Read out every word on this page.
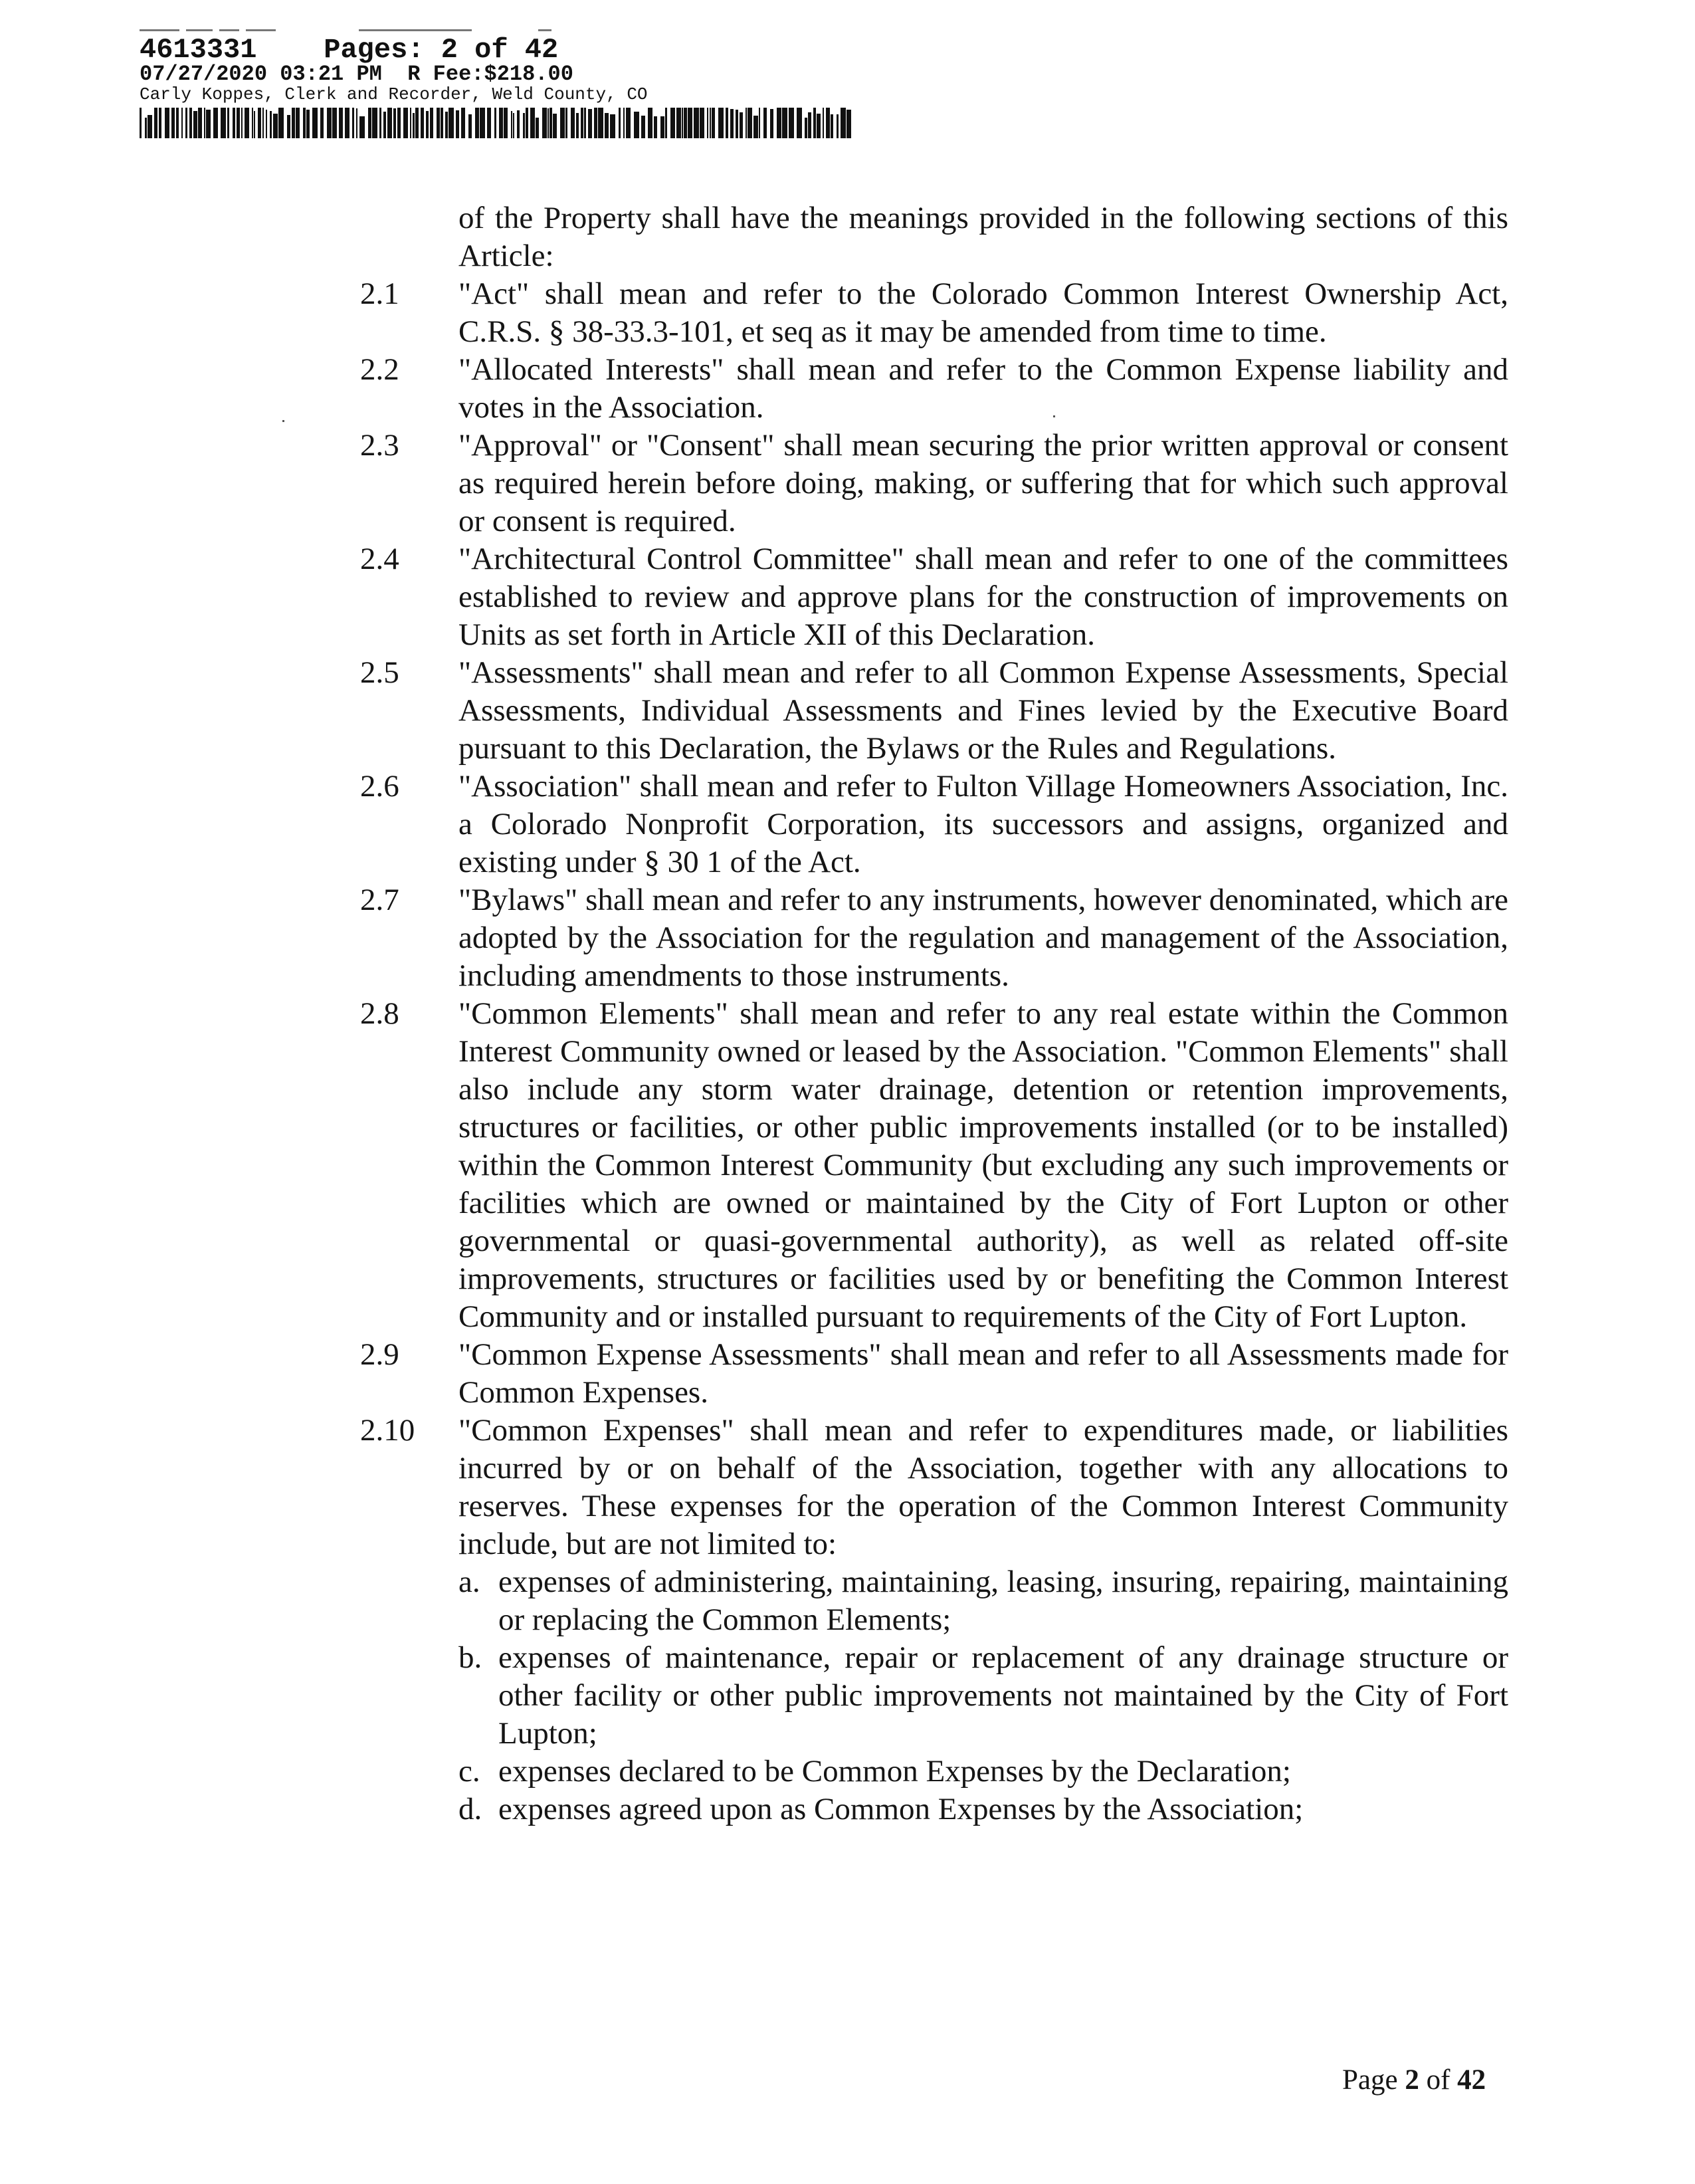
4613331 Pages: 2 of 42
07/27/2020 03:21 PM R Fee:$218.00
Carly Koppes, Clerk and Recorder, Weld County, CO
of the Property shall have the meanings provided in the following sections of this Article:
2.1	"Act" shall mean and refer to the Colorado Common Interest Ownership Act, C.R.S. § 38-33.3-101, et seq as it may be amended from time to time.
2.2	"Allocated Interests" shall mean and refer to the Common Expense liability and votes in the Association.
2.3	"Approval" or "Consent" shall mean securing the prior written approval or consent as required herein before doing, making, or suffering that for which such approval or consent is required.
2.4	"Architectural Control Committee" shall mean and refer to one of the committees established to review and approve plans for the construction of improvements on Units as set forth in Article XII of this Declaration.
2.5	"Assessments" shall mean and refer to all Common Expense Assessments, Special Assessments, Individual Assessments and Fines levied by the Executive Board pursuant to this Declaration, the Bylaws or the Rules and Regulations.
2.6	"Association" shall mean and refer to Fulton Village Homeowners Association, Inc. a Colorado Nonprofit Corporation, its successors and assigns, organized and existing under § 30 1 of the Act.
2.7	"Bylaws" shall mean and refer to any instruments, however denominated, which are adopted by the Association for the regulation and management of the Association, including amendments to those instruments.
2.8	"Common Elements" shall mean and refer to any real estate within the Common Interest Community owned or leased by the Association. "Common Elements" shall also include any storm water drainage, detention or retention improvements, structures or facilities, or other public improvements installed (or to be installed) within the Common Interest Community (but excluding any such improvements or facilities which are owned or maintained by the City of Fort Lupton or other governmental or quasi-governmental authority), as well as related off-site improvements, structures or facilities used by or benefiting the Common Interest Community and or installed pursuant to requirements of the City of Fort Lupton.
2.9	"Common Expense Assessments" shall mean and refer to all Assessments made for Common Expenses.
2.10	"Common Expenses" shall mean and refer to expenditures made, or liabilities incurred by or on behalf of the Association, together with any allocations to reserves. These expenses for the operation of the Common Interest Community include, but are not limited to:
a. expenses of administering, maintaining, leasing, insuring, repairing, maintaining or replacing the Common Elements;
b. expenses of maintenance, repair or replacement of any drainage structure or other facility or other public improvements not maintained by the City of Fort Lupton;
c. expenses declared to be Common Expenses by the Declaration;
d. expenses agreed upon as Common Expenses by the Association;
Page 2 of 42
